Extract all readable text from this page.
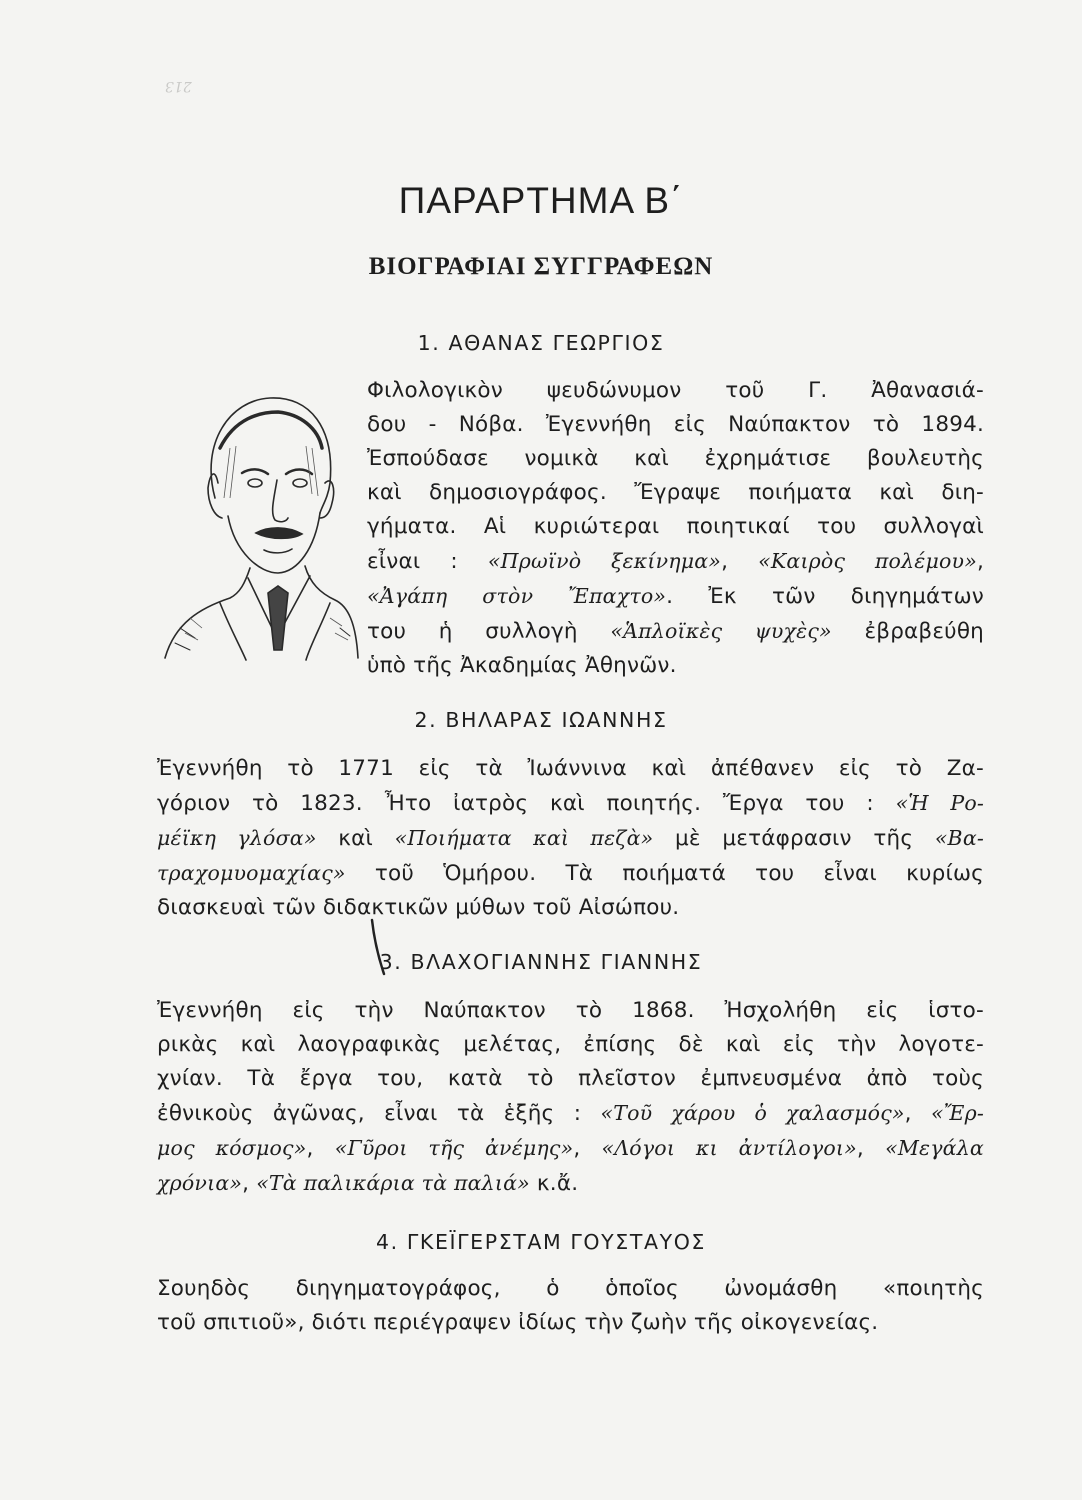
213
ΠΑΡΑΡΤΗΜΑ Β΄
ΒΙΟΓΡΑΦΙΑΙ ΣΥΓΓΡΑΦΕΩΝ
1. ΑΘΑΝΑΣ ΓΕΩΡΓΙΟΣ
Φιλολογικὸν ψευδώνυμον τοῦ Γ. Ἀθανασιά-
δου - Νόβα. Ἐγεννήθη εἰς Ναύπακτον τὸ 1894.
Ἐσπούδασε νομικὰ καὶ ἐχρημάτισε βουλευτὴς
καὶ δημοσιογράφος. Ἔγραψε ποιήματα καὶ διη-
γήματα. Αἱ κυριώτεραι ποιητικαί του συλλογαὶ
εἶναι : «Πρωϊνὸ ξεκίνημα», «Καιρὸς πολέμου»,
«Ἀγάπη στὸν Ἔπαχτο». Ἐκ τῶν διηγημάτων
του ἡ συλλογὴ «Ἁπλοϊκὲς ψυχὲς» ἐβραβεύθη
ὑπὸ τῆς Ἀκαδημίας Ἀθηνῶν.
2. ΒΗΛΑΡΑΣ ΙΩΑΝΝΗΣ
Ἐγεννήθη τὸ 1771 εἰς τὰ Ἰωάννινα καὶ ἀπέθανεν εἰς τὸ Ζα-
γόριον τὸ 1823. Ἦτο ἰατρὸς καὶ ποιητής. Ἔργα του : «Ἡ Ρο-
μέϊκη γλόσα» καὶ «Ποιήματα καὶ πεζὰ» μὲ μετάφρασιν τῆς «Βα-
τραχομυομαχίας» τοῦ Ὁμήρου. Τὰ ποιήματά του εἶναι κυρίως
διασκευαὶ τῶν διδακτικῶν μύθων τοῦ Αἰσώπου.
3. ΒΛΑΧΟΓΙΑΝΝΗΣ ΓΙΑΝΝΗΣ
Ἐγεννήθη εἰς τὴν Ναύπακτον τὸ 1868. Ἠσχολήθη εἰς ἱστο-
ρικὰς καὶ λαογραφικὰς μελέτας, ἐπίσης δὲ καὶ εἰς τὴν λογοτε-
χνίαν. Τὰ ἔργα του, κατὰ τὸ πλεῖστον ἐμπνευσμένα ἀπὸ τοὺς
ἐθνικοὺς ἀγῶνας, εἶναι τὰ ἑξῆς : «Τοῦ χάρου ὁ χαλασμός», «Ἔρ-
μος κόσμος», «Γῦροι τῆς ἀνέμης», «Λόγοι κι ἀντίλογοι», «Μεγάλα
χρόνια», «Τὰ παλικάρια τὰ παλιά» κ.ἄ.
4. ΓΚΕΪΓΕΡΣΤΑΜ ΓΟΥΣΤΑΥΟΣ
Σουηδὸς διηγηματογράφος, ὁ ὁποῖος ὠνομάσθη «ποιητὴς
τοῦ σπιτιοῦ», διότι περιέγραψεν ἰδίως τὴν ζωὴν τῆς οἰκογενείας.
